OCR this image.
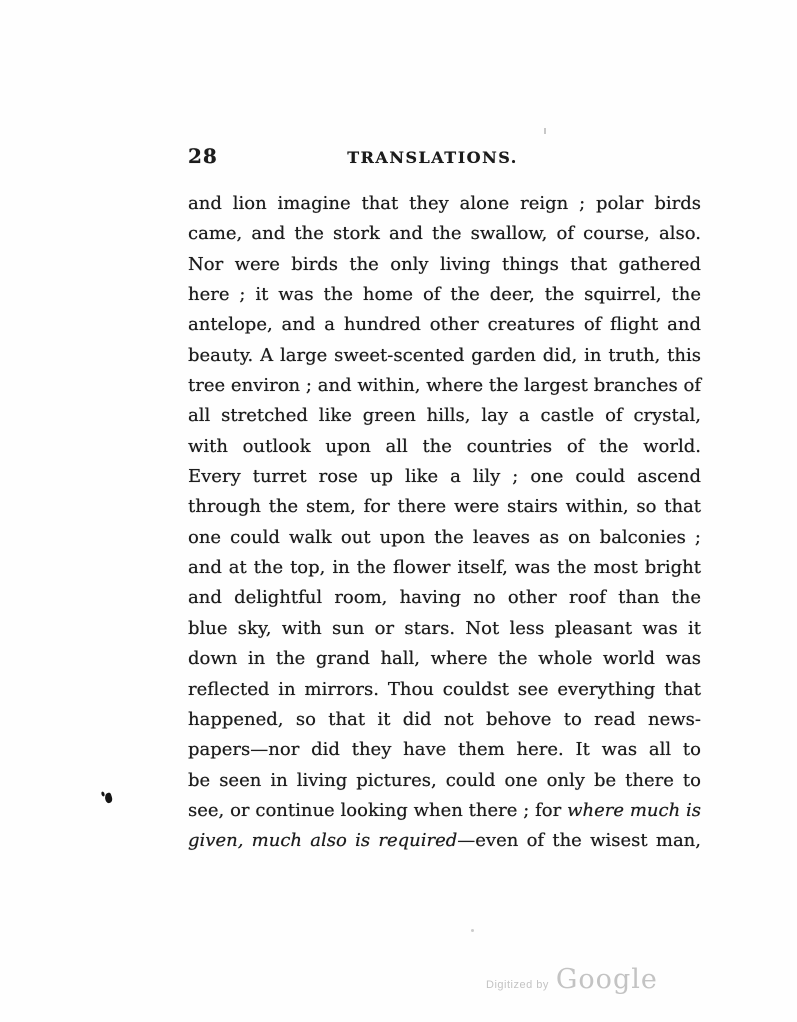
28	TRANSLATIONS.
and lion imagine that they alone reign ; polar birds
came, and the stork and the swallow, of course, also.
Nor were birds the only living things that gathered
here ; it was the home of the deer, the squirrel, the
antelope, and a hundred other creatures of flight and
beauty. A large sweet-scented garden did, in truth, this
tree environ ; and within, where the largest branches of
all stretched like green hills, lay a castle of crystal,
with outlook upon all the countries of the world.
Every turret rose up like a lily ; one could ascend
through the stem, for there were stairs within, so that
one could walk out upon the leaves as on balconies ;
and at the top, in the flower itself, was the most bright
and delightful room, having no other roof than the
blue sky, with sun or stars. Not less pleasant was it
down in the grand hall, where the whole world was
reflected in mirrors. Thou couldst see everything that
happened, so that it did not behove to read news-
papers—nor did they have them here. It was all to
be seen in living pictures, could one only be there to
see, or continue looking when there ; for where much is
given, much also is required—even of the wisest man,
Digitized by Google
